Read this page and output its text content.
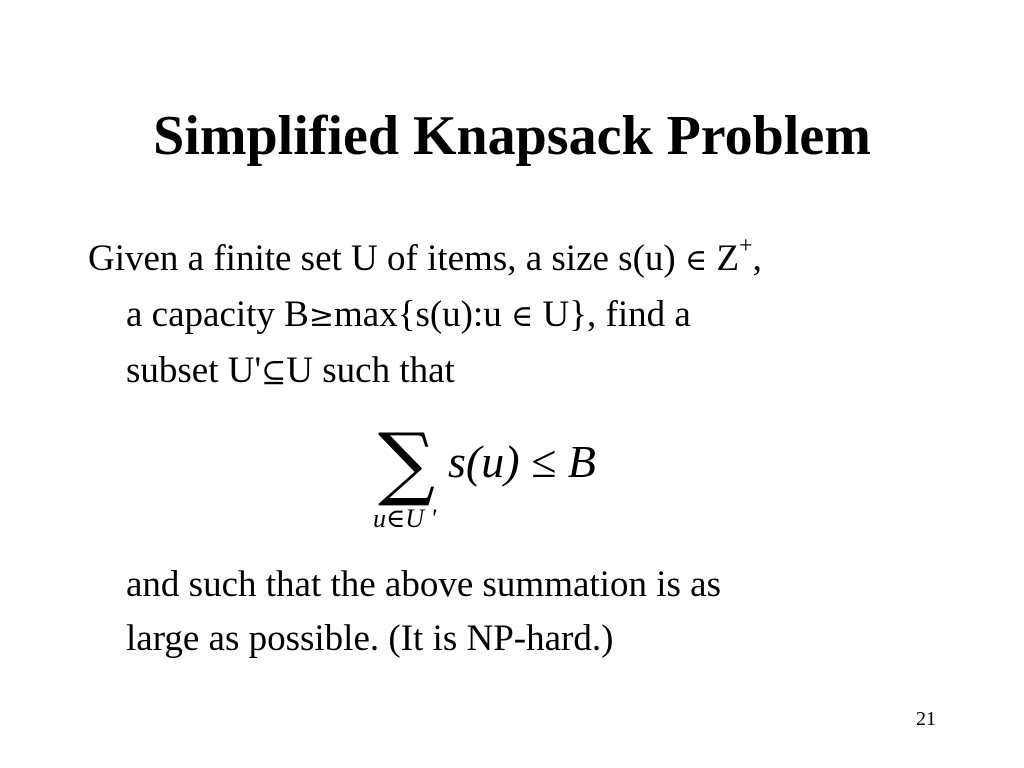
Simplified Knapsack Problem
Given a finite set U of items, a size s(u) ∈ Z+,
a capacity B≥max{s(u):u ∈ U}, find a
subset U'⊆U such that
∑
u∈U '
s(u) ≤ B
and such that the above summation is as
large as possible. (It is NP-hard.)
21
